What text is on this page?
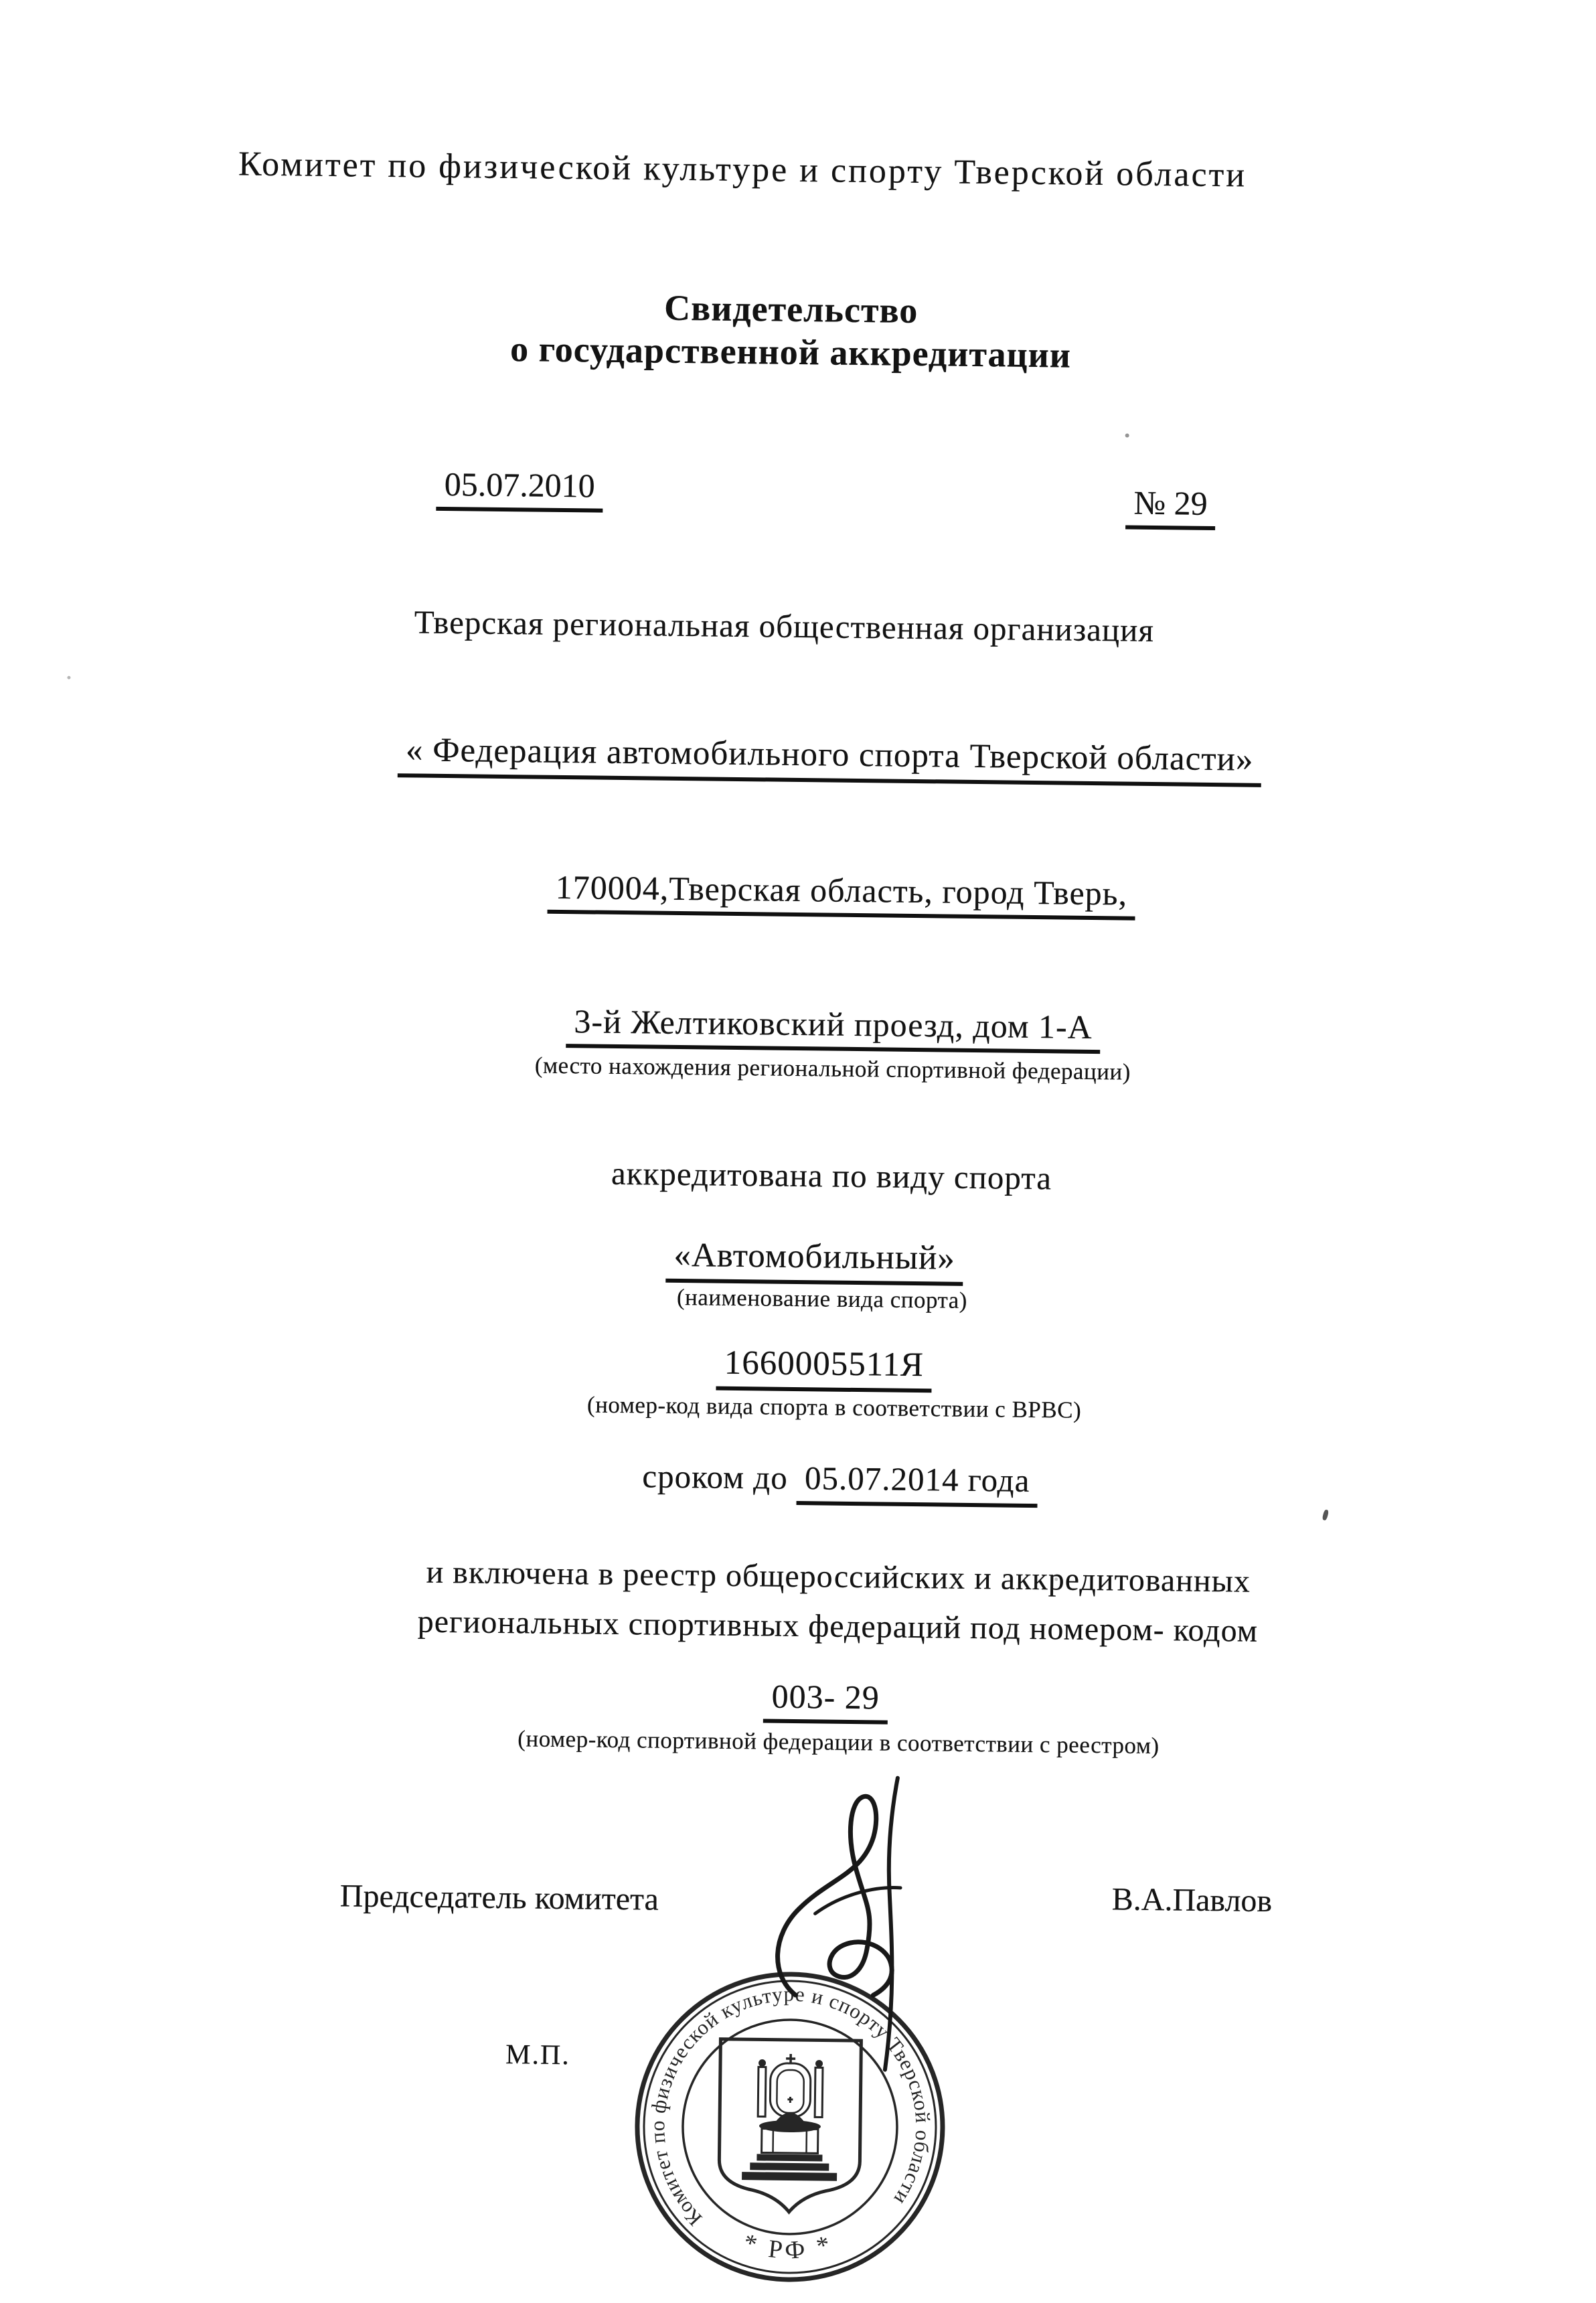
Комитет по физической культуре и спорту Тверской области
Свидетельство
о государственной аккредитации
05.07.2010	№ 29
Тверская региональная общественная организация
« Федерация автомобильного спорта Тверской области»
170004,Тверская область, город Тверь,
3-й Желтиковский проезд, дом 1-А
(место нахождения региональной спортивной федерации)
аккредитована по виду спорта
«Автомобильный»
(наименование вида спорта)
1660005511Я
(номер-код вида спорта в соответствии с ВРВС)
сроком до 05.07.2014 года
и включена в реестр общероссийских и аккредитованных
региональных спортивных федераций под номером- кодом
003- 29
(номер-код спортивной федерации в соответствии с реестром)
Председатель комитета	В.А.Павлов
М.П.
Комитет по физической культуре и спорту Тверской области
* РФ *
